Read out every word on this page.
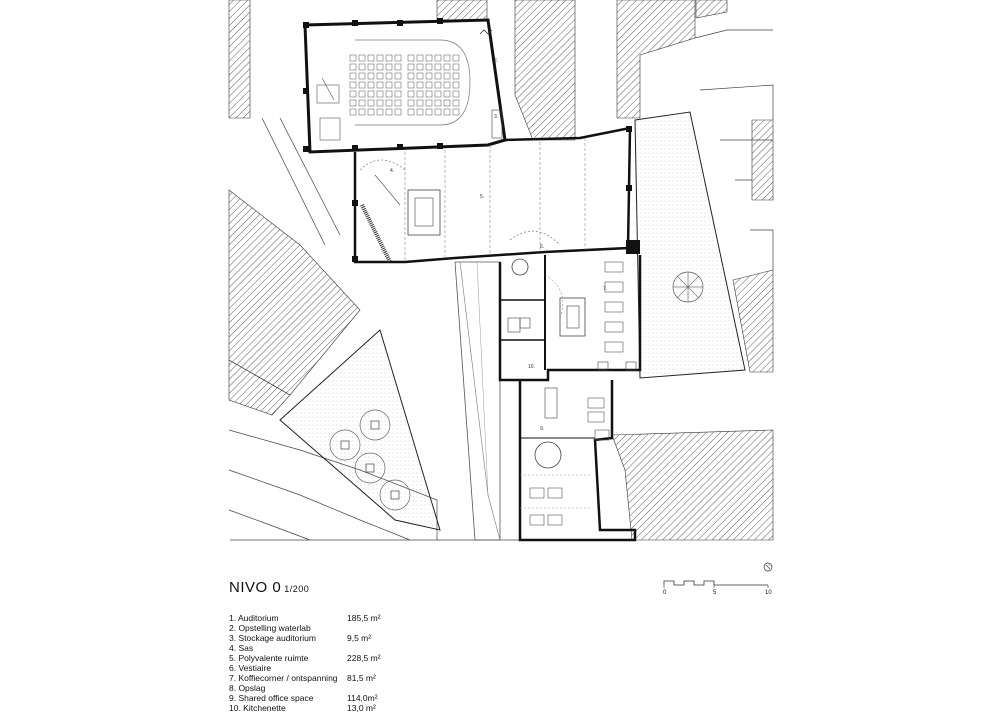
2.
3.
4.
5.
6.
7.
9.
10.
NIVO 0 1/200
1. Auditorium	185,5 m²
2. Opstelling waterlab
3. Stockage auditorium	9,5 m²
4. Sas
5. Polyvalente ruimte	228,5 m²
6. Vestiaire
7. Koffiecorner / ontspanning 81,5 m²
8. Opslag
9. Shared office space	114,0m²
10. Kitchenette	13,0 m²
0	5	10
